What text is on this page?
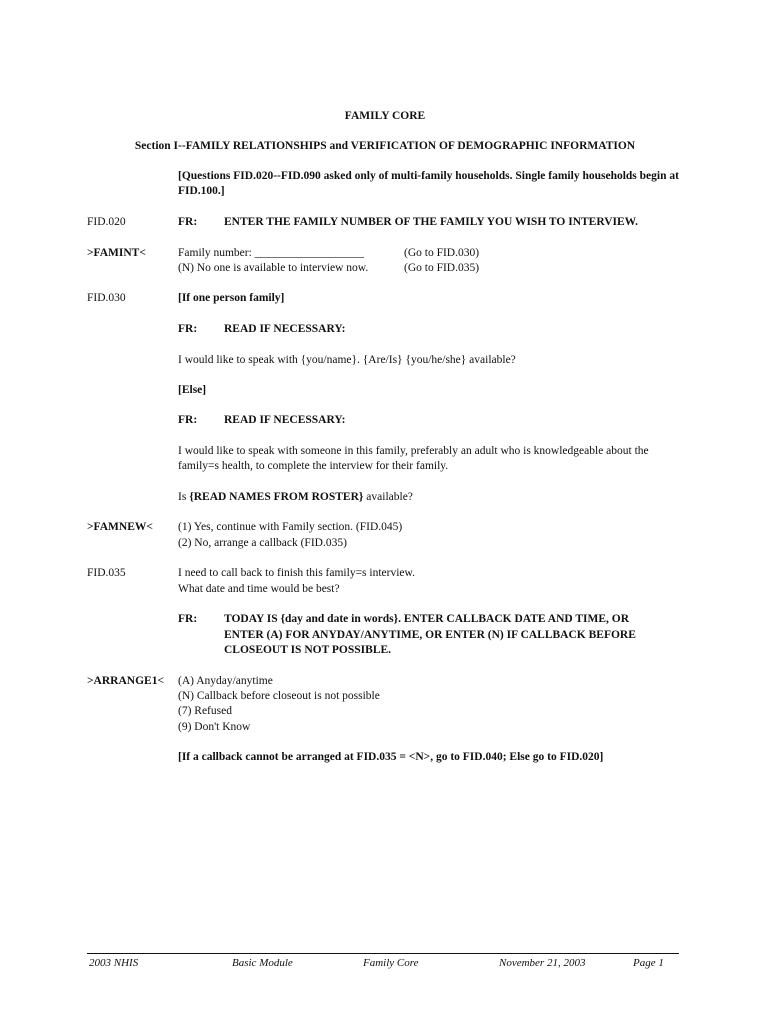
FAMILY CORE
Section I--FAMILY RELATIONSHIPS and VERIFICATION OF DEMOGRAPHIC INFORMATION
[Questions FID.020--FID.090 asked only of multi-family households. Single family households begin at
FID.100.]
FID.020	FR: ENTER THE FAMILY NUMBER OF THE FAMILY YOU WISH TO INTERVIEW.
>FAMINT<	Family number: ___________________	(Go to FID.030)
(N) No one is available to interview now.	(Go to FID.035)
FID.030	[If one person family]
FR: READ IF NECESSARY:
I would like to speak with {you/name}. {Are/Is} {you/he/she} available?
[Else]
FR: READ IF NECESSARY:
I would like to speak with someone in this family, preferably an adult who is knowledgeable about the
family=s health, to complete the interview for their family.
Is {READ NAMES FROM ROSTER} available?
>FAMNEW< (1) Yes, continue with Family section. (FID.045)
(2) No, arrange a callback (FID.035)
FID.035	I need to call back to finish this family=s interview.
What date and time would be best?
FR: TODAY IS {day and date in words}. ENTER CALLBACK DATE AND TIME, OR
ENTER (A) FOR ANYDAY/ANYTIME, OR ENTER (N) IF CALLBACK BEFORE
CLOSEOUT IS NOT POSSIBLE.
>ARRANGE1< (A) Anyday/anytime
(N) Callback before closeout is not possible
(7) Refused
(9) Don't Know
[If a callback cannot be arranged at FID.035 = <N>, go to FID.040; Else go to FID.020]
2003 NHIS	Basic Module	Family Core	November 21, 2003	Page 1
